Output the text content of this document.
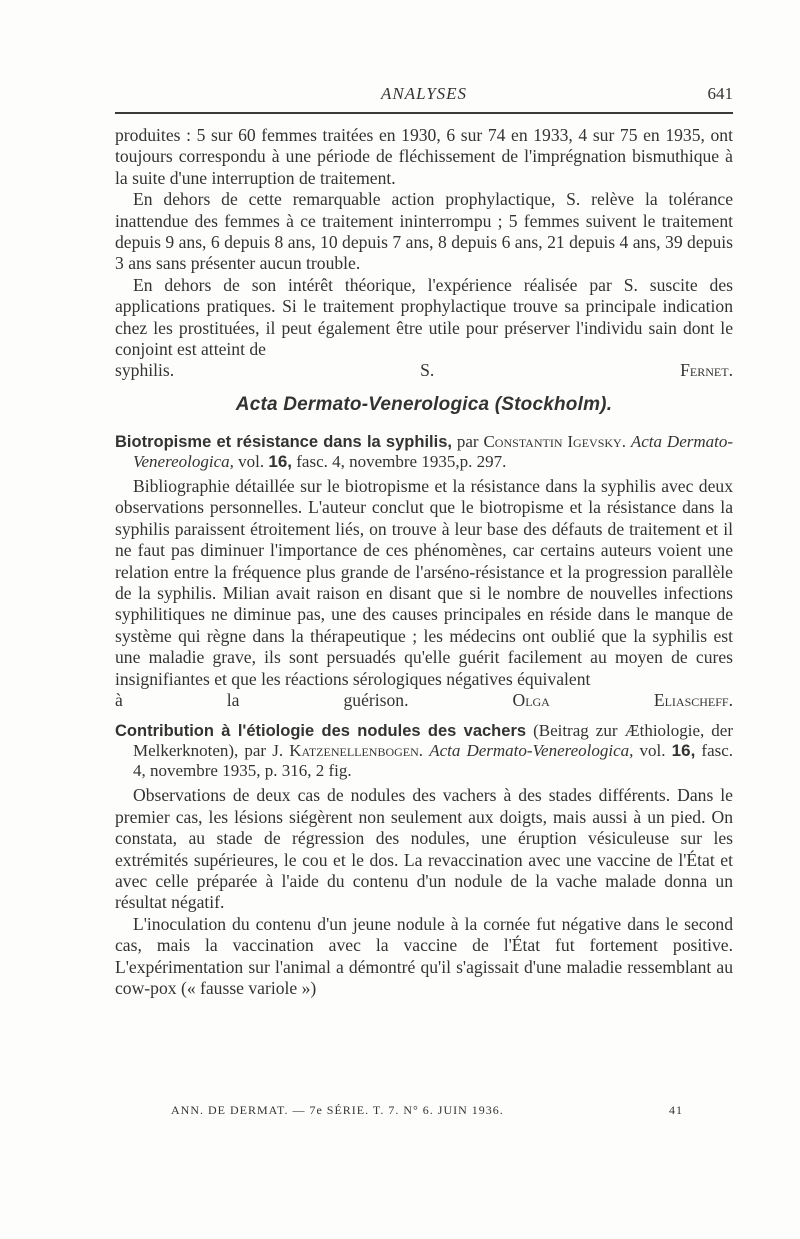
ANALYSES	641

produites : 5 sur 60 femmes traitées en 1930, 6 sur 74 en 1933, 4 sur 75 en 1935, ont toujours correspondu à une période de fléchissement de l'imprégnation bismuthique à la suite d'une interruption de traitement.

En dehors de cette remarquable action prophylactique, S. relève la tolérance inattendue des femmes à ce traitement ininterrompu ; 5 femmes suivent le traitement depuis 9 ans, 6 depuis 8 ans, 10 depuis 7 ans, 8 depuis 6 ans, 21 depuis 4 ans, 39 depuis 3 ans sans présenter aucun trouble.

En dehors de son intérêt théorique, l'expérience réalisée par S. suscite des applications pratiques. Si le traitement prophylactique trouve sa principale indication chez les prostituées, il peut également être utile pour préserver l'individu sain dont le conjoint est atteint de

syphilis.	S. Fernet.

Acta Dermato-Venerologica (Stockholm).
Biotropisme et résistance dans la syphilis, par Constantin Igevsky. Acta Dermato-Venereologica, vol. 16, fasc. 4, novembre 1935,p. 297.

Bibliographie détaillée sur le biotropisme et la résistance dans la syphilis avec deux observations personnelles. L'auteur conclut que le biotropisme et la résistance dans la syphilis paraissent étroitement liés, on trouve à leur base des défauts de traitement et il ne faut pas diminuer l'importance de ces phénomènes, car certains auteurs voient une relation entre la fréquence plus grande de l'arséno-résistance et la progression parallèle de la syphilis. Milian avait raison en disant que si le nombre de nouvelles infections syphilitiques ne diminue pas, une des causes principales en réside dans le manque de système qui règne dans la thérapeutique ; les médecins ont oublié que la syphilis est une maladie grave, ils sont persuadés qu'elle guérit facilement au moyen de cures insignifiantes et que les réactions sérologiques négatives équivalent

à la guérison.	Olga Eliascheff.

Contribution à l'étiologie des nodules des vachers (Beitrag zur Æthiologie, der Melkerknoten), par J. Katzenellenbogen. Acta Dermato-Venereologica, vol. 16, fasc. 4, novembre 1935, p. 316, 2 fig.

Observations de deux cas de nodules des vachers à des stades différents. Dans le premier cas, les lésions siégèrent non seulement aux doigts, mais aussi à un pied. On constata, au stade de régression des nodules, une éruption vésiculeuse sur les extrémités supérieures, le cou et le dos. La revaccination avec une vaccine de l'État et avec celle préparée à l'aide du contenu d'un nodule de la vache malade donna un résultat négatif.

L'inoculation du contenu d'un jeune nodule à la cornée fut négative dans le second cas, mais la vaccination avec la vaccine de l'État fut fortement positive. L'expérimentation sur l'animal a démontré qu'il s'agissait d'une maladie ressemblant au cow-pox (« fausse variole »)

ANN. DE DERMAT. — 7e SÉRIE. T. 7. N° 6. JUIN 1936.	41
